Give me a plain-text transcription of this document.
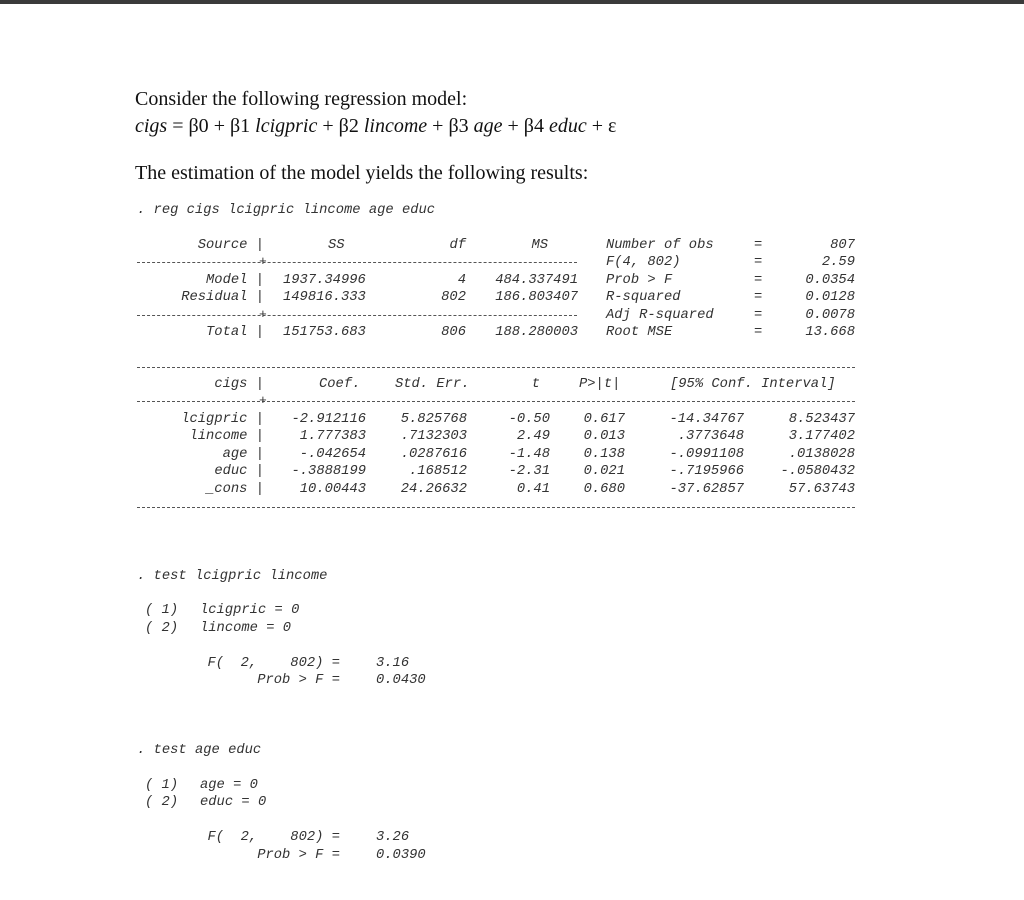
Consider the following regression model:
cigs = β0 + β1 lcigpric + β2 lincome + β3 age + β4 educ + ε
The estimation of the model yields the following results:
. reg cigs lcigpric lincome age educ
Source |	SS	df	MS
+
Model | 1937.34996	4 484.337491
Residual | 149816.333	802 186.803407
+
Total | 151753.683	806 188.280003
Number of obs	=	807
F(4, 802)	=	2.59
Prob > F	=	0.0354
R-squared	=	0.0128
Adj R-squared	=	0.0078
Root MSE	=	13.668
cigs |	Coef.	Std. Err.	t	P>|t|	[95% Conf. Interval]
+
lcigpric | -2.912116	5.825768	-0.50 0.617	-14.34767	8.523437
lincome |	1.777383	.7132303	2.49 0.013	.3773648	3.177402
age |	-.042654	.0287616	-1.48 0.138	-.0991108	.0138028
educ | -.3888199	.168512	-2.31 0.021	-.7195966	-.0580432
_cons |	10.00443	24.26632	0.41 0.680	-37.62857	57.63743
. test lcigpric lincome
( 1) lcigpric = 0
( 2) lincome = 0
F(  2,    802) =	3.16
Prob > F =	0.0430
. test age educ
( 1) age = 0
( 2) educ = 0
F(  2,    802) =	3.26
Prob > F =	0.0390
